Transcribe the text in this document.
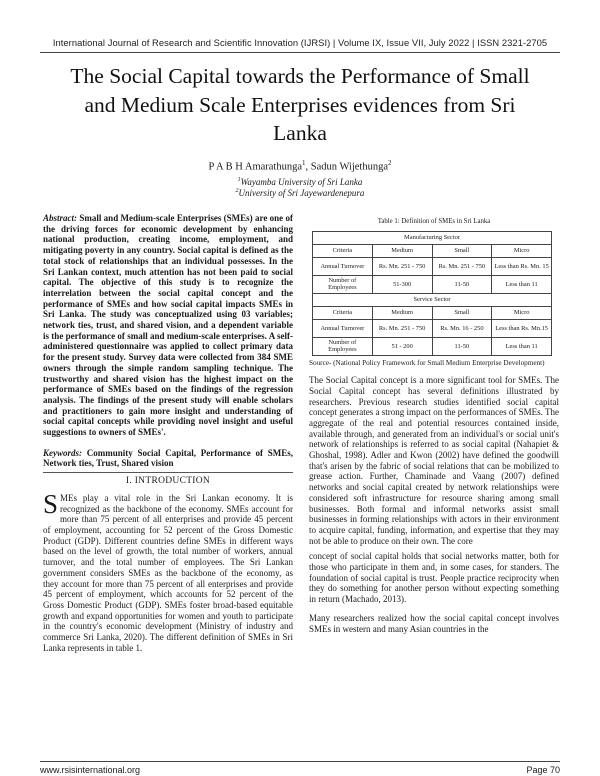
International Journal of Research and Scientific Innovation (IJRSI) | Volume IX, Issue VII, July 2022 | ISSN 2321-2705
The Social Capital towards the Performance of Small
and Medium Scale Enterprises evidences from Sri
Lanka
P A B H Amarathunga$^1$, Sadun Wijethunga$^2$
$^1$Wayamba University of Sri Lanka
$^2$University of Sri Jayewardenepura

Abstract: Small and Medium-scale Enterprises (SMEs) are one of the driving forces for economic development by enhancing national production, creating income, employment, and mitigating poverty in any country. Social capital is defined as the total stock of relationships that an individual possesses. In the Sri Lankan context, much attention has not been paid to social capital. The objective of this study is to recognize the interrelation between the social capital concept and the performance of SMEs and how social capital impacts SMEs in Sri Lanka. The study was conceptualized using 03 variables; network ties, trust, and shared vision, and a dependent variable is the performance of small and medium-scale enterprises. A self-administered questionnaire was applied to collect primary data for the present study. Survey data were collected from 384 SME owners through the simple random sampling technique. The trustworthy and shared vision has the highest impact on the performance of SMEs based on the findings of the regression analysis. The findings of the present study will enable scholars and practitioners to gain more insight and understanding of social capital concepts while providing novel insight and useful suggestions to owners of SMEs'.

Keywords: Community Social Capital, Performance of SMEs, Network ties, Trust, Shared vision

I. INTRODUCTION

S MEs play a vital role in the Sri Lankan economy. It is recognized as the backbone of the economy. SMEs account for more than 75 percent of all enterprises and provide 45 percent of employment, accounting for 52 percent of the Gross Domestic Product (GDP). Different countries define SMEs in different ways based on the level of growth, the total number of workers, annual turnover, and the total number of employees. The Sri Lankan government considers SMEs as the backbone of the economy, as they account for more than 75 percent of all enterprises and provide 45 percent of employment, which accounts for 52 percent of the Gross Domestic Product (GDP). SMEs foster broad-based equitable growth and expand opportunities for women and youth to participate in the country's economic development (Ministry of industry and commerce Sri Lanka, 2020). The different definition of SMEs in Sri Lanka represents in table 1.

Table 1: Definition of SMEs in Sri Lanka
Manufacturing Sector			
Criteria	Medium	Small	Micro
Annual Turnover	Rs. Mn. 251 - 750	Rs. Mn. 251 - 750	Less than Rs. Mn. 15
Number of Employees	51-300	11-50	Less than 11
Service Sector			
Criteria	Medium	Small	Micro
Annual Turnover	Rs. Mn. 251 - 750	Rs. Mn. 16 - 250	Less than Rs. Mn.15
Number of Employees	51 - 200	11-50	Less than 11

Source- (National Policy Framework for Small Medium Enterprise Development)

The Social Capital concept is a more significant tool for SMEs. The Social Capital concept has several definitions illustrated by researchers. Previous research studies identified social capital concept generates a strong impact on the performances of SMEs. The aggregate of the real and potential resources contained inside, available through, and generated from an individual's or social unit's network of relationships is referred to as social capital (Nahapiet & Ghoshal, 1998). Adler and Kwon (2002) have defined the goodwill that's arisen by the fabric of social relations that can be mobilized to grease action. Further, Chaminade and Vaang (2007) defined networks and social capital created by network relationships were considered soft infrastructure for resource sharing among small businesses. Both formal and informal networks assist small businesses in forming relationships with actors in their environment to acquire capital, funding, information, and expertise that they may not be able to produce on their own. The core

concept of social capital holds that social networks matter, both for those who participate in them and, in some cases, for standers. The foundation of social capital is trust. People practice reciprocity when they do something for another person without expecting something in return (Machado, 2013).

Many researchers realized how the social capital concept involves SMEs in western and many Asian countries in the

www.rsisinternational.org	Page 70
